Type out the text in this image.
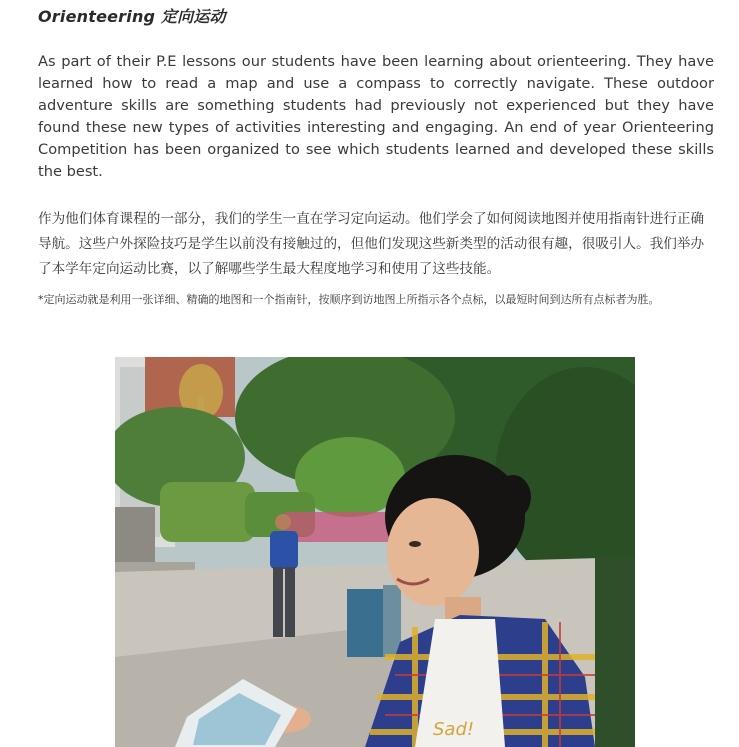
Orienteering 定向运动

As part of their P.E lessons our students have been learning about orienteering. They have learned how to read a map and use a compass to correctly navigate. These outdoor adventure skills are something students had previously not experienced but they have found these new types of activities interesting and engaging. An end of year Orienteering Competition has been organized to see which students learned and developed these skills the best.

作为他们体育课程的一部分，我们的学生一直在学习定向运动。他们学会了如何阅读地图并使用指南针进行正确导航。这些户外探险技巧是学生以前没有接触过的，但他们发现这些新类型的活动很有趣，很吸引人。我们举办了本学年定向运动比赛，以了解哪些学生最大程度地学习和使用了这些技能。

*定向运动就是利用一张详细、精确的地图和一个指南针，按顺序到访地图上所指示各个点标，以最短时间到达所有点标者为胜。

Sad!
